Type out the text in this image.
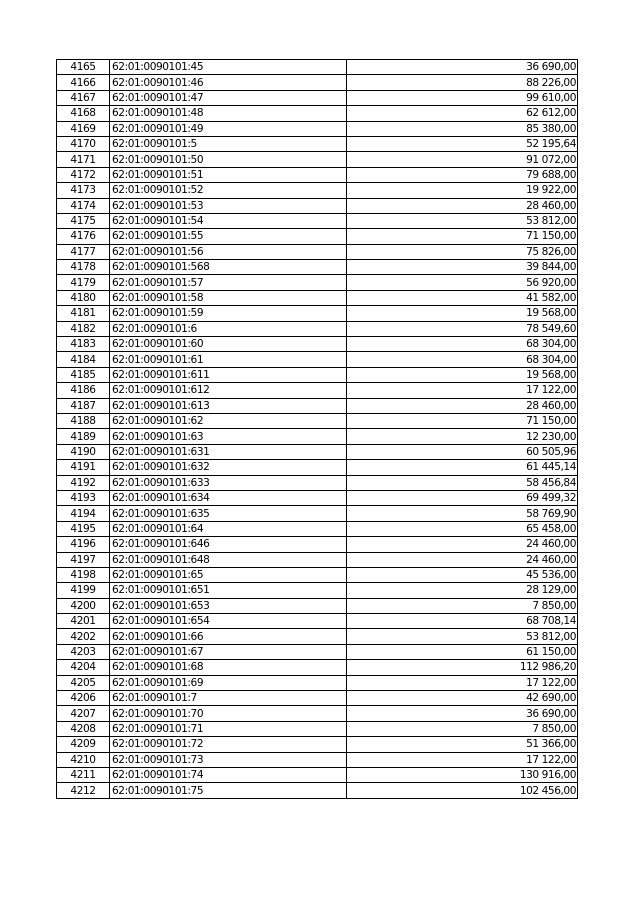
4165	62:01:0090101:45	36 690,00
4166	62:01:0090101:46	88 226,00
4167	62:01:0090101:47	99 610,00
4168	62:01:0090101:48	62 612,00
4169	62:01:0090101:49	85 380,00
4170	62:01:0090101:5	52 195,64
4171	62:01:0090101:50	91 072,00
4172	62:01:0090101:51	79 688,00
4173	62:01:0090101:52	19 922,00
4174	62:01:0090101:53	28 460,00
4175	62:01:0090101:54	53 812,00
4176	62:01:0090101:55	71 150,00
4177	62:01:0090101:56	75 826,00
4178	62:01:0090101:568	39 844,00
4179	62:01:0090101:57	56 920,00
4180	62:01:0090101:58	41 582,00
4181	62:01:0090101:59	19 568,00
4182	62:01:0090101:6	78 549,60
4183	62:01:0090101:60	68 304,00
4184	62:01:0090101:61	68 304,00
4185	62:01:0090101:611	19 568,00
4186	62:01:0090101:612	17 122,00
4187	62:01:0090101:613	28 460,00
4188	62:01:0090101:62	71 150,00
4189	62:01:0090101:63	12 230,00
4190	62:01:0090101:631	60 505,96
4191	62:01:0090101:632	61 445,14
4192	62:01:0090101:633	58 456,84
4193	62:01:0090101:634	69 499,32
4194	62:01:0090101:635	58 769,90
4195	62:01:0090101:64	65 458,00
4196	62:01:0090101:646	24 460,00
4197	62:01:0090101:648	24 460,00
4198	62:01:0090101:65	45 536,00
4199	62:01:0090101:651	28 129,00
4200	62:01:0090101:653	7 850,00
4201	62:01:0090101:654	68 708,14
4202	62:01:0090101:66	53 812,00
4203	62:01:0090101:67	61 150,00
4204	62:01:0090101:68	112 986,20
4205	62:01:0090101:69	17 122,00
4206	62:01:0090101:7	42 690,00
4207	62:01:0090101:70	36 690,00
4208	62:01:0090101:71	7 850,00
4209	62:01:0090101:72	51 366,00
4210	62:01:0090101:73	17 122,00
4211	62:01:0090101:74	130 916,00
4212	62:01:0090101:75	102 456,00
